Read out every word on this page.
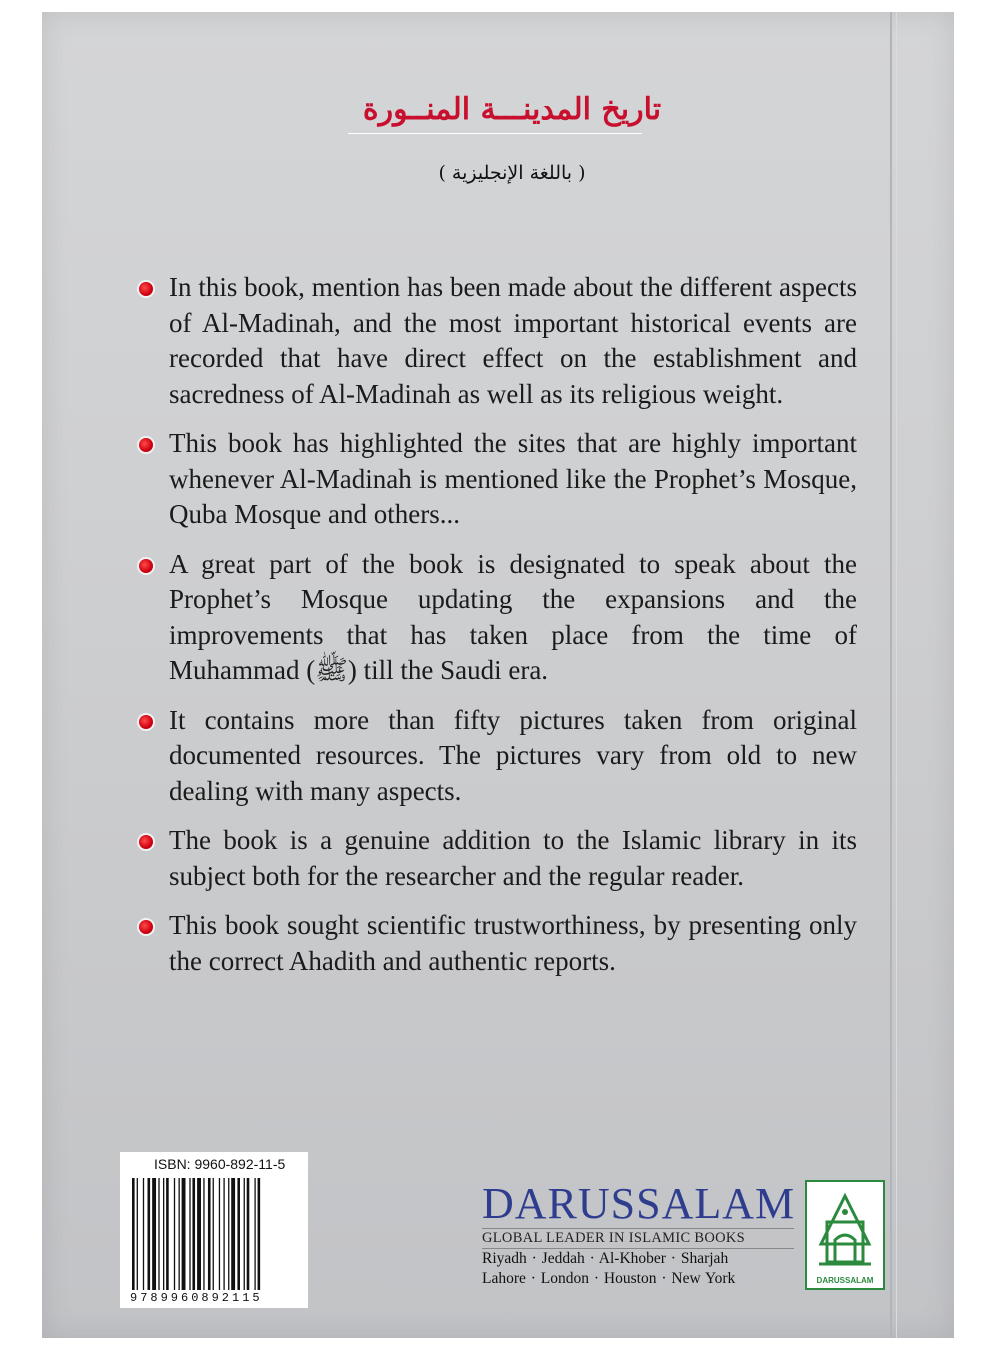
تاريخ المدينـــة المنــورة
( باللغة الإنجليزية )
In this book, mention has been made about the different aspects of Al-Madinah, and the most important historical events are recorded that have direct effect on the establishment and sacredness of Al-Madinah as well as its religious weight.
This book has highlighted the sites that are highly important whenever Al-Madinah is mentioned like the Prophet’s Mosque, Quba Mosque and others...
A great part of the book is designated to speak about the Prophet’s Mosque updating the expansions and the improvements that has taken place from the time of Muhammad (ﷺ) till the Saudi era.
It contains more than fifty pictures taken from original documented resources. The pictures vary from old to new dealing with many aspects.
The book is a genuine addition to the Islamic library in its subject both for the researcher and the regular reader.
This book sought scientific trustworthiness, by presenting only the correct Ahadith and authentic reports.
ISBN: 9960-892-11-5
9789960892115
DARUSSALAM
GLOBAL LEADER IN ISLAMIC BOOKS
Riyadh · Jeddah · Al-Khober · Sharjah
Lahore · London · Houston · New York	DARUSSALAM
